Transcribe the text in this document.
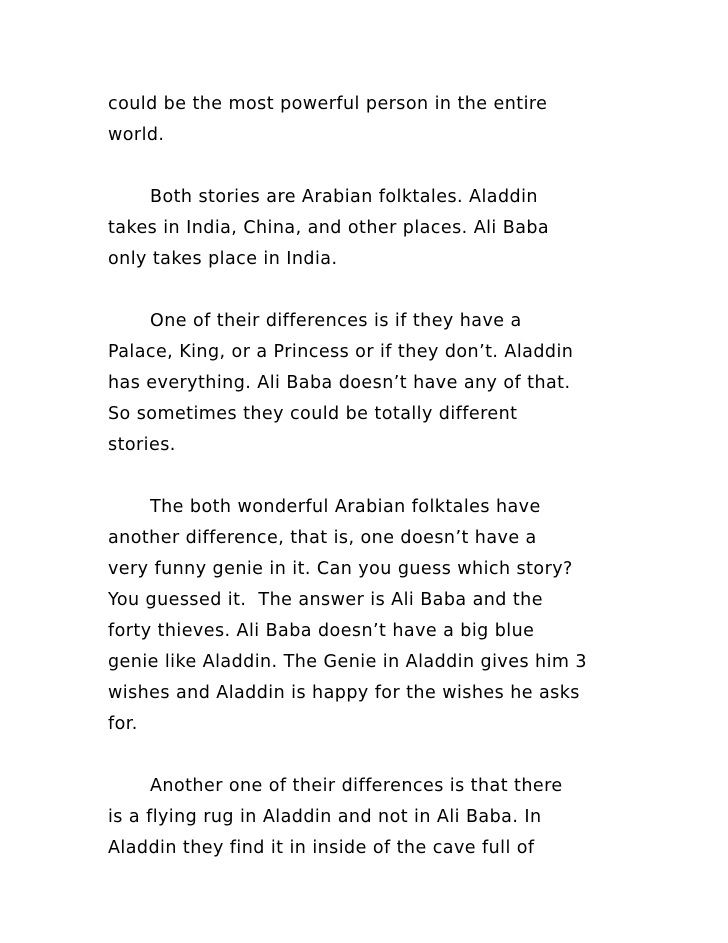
could be the most powerful person in the entire
world.
Both stories are Arabian folktales. Aladdin
takes in India, China, and other places. Ali Baba
only takes place in India.
One of their differences is if they have a
Palace, King, or a Princess or if they don’t. Aladdin
has everything. Ali Baba doesn’t have any of that.
So sometimes they could be totally different
stories.
The both wonderful Arabian folktales have
another difference, that is, one doesn’t have a
very funny genie in it. Can you guess which story?
You guessed it.  The answer is Ali Baba and the
forty thieves. Ali Baba doesn’t have a big blue
genie like Aladdin. The Genie in Aladdin gives him 3
wishes and Aladdin is happy for the wishes he asks
for.
Another one of their differences is that there
is a flying rug in Aladdin and not in Ali Baba. In
Aladdin they find it in inside of the cave full of
